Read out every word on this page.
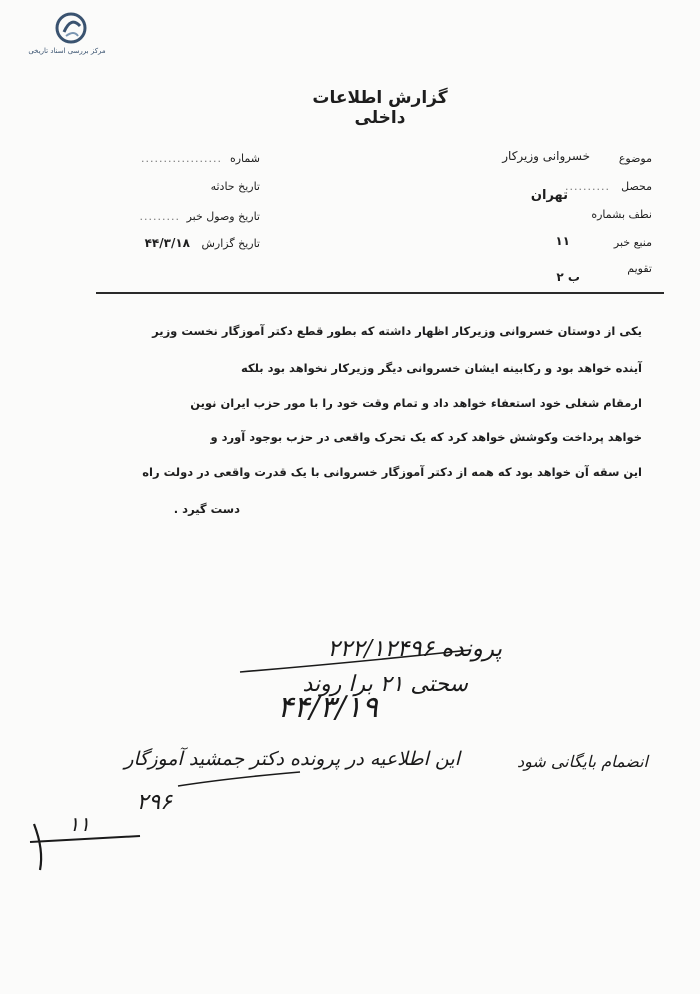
مرکز بررسی اسناد تاریخی
گزارش اطلاعات داخلی
موضوع
خسروانی وزیرکار
محصل
..........
تهران
نطف بشماره
منبع خبر
۱۱
تقویم
ب ۲
شماره
..................
تاریخ حادثه
تاریخ وصول خبر
.........
تاریخ گزارش
۴۴/۳/۱۸
یکی از دوستان خسروانی وزیرکار اظهار داشته که بطور قطع دکتر آموزگار نخست وزیر
آینده خواهد بود و رکابینه ایشان خسروانی دیگر وزیرکار نخواهد بود بلکه
ارمقام شغلی خود استعفاء خواهد داد و تمام وقت خود را با مور حزب ایران نوین
خواهد پرداخت وکوشش خواهد کرد که یک تحرک واقعی در حزب بوجود آورد و
این سقه آن خواهد بود که همه از دکتر آموزگار خسروانی با یک قدرت واقعی در دولت راه
دست گیرد .
پرونده ۲۲۲/۱۲۴۹۶
سحتی ۲۱ برا روند
۴۴/۳/۱۹
این اطلاعیه در پرونده دکتر جمشید آموزگار	انضمام بایگانی شود
۲۹۶
۱۱
